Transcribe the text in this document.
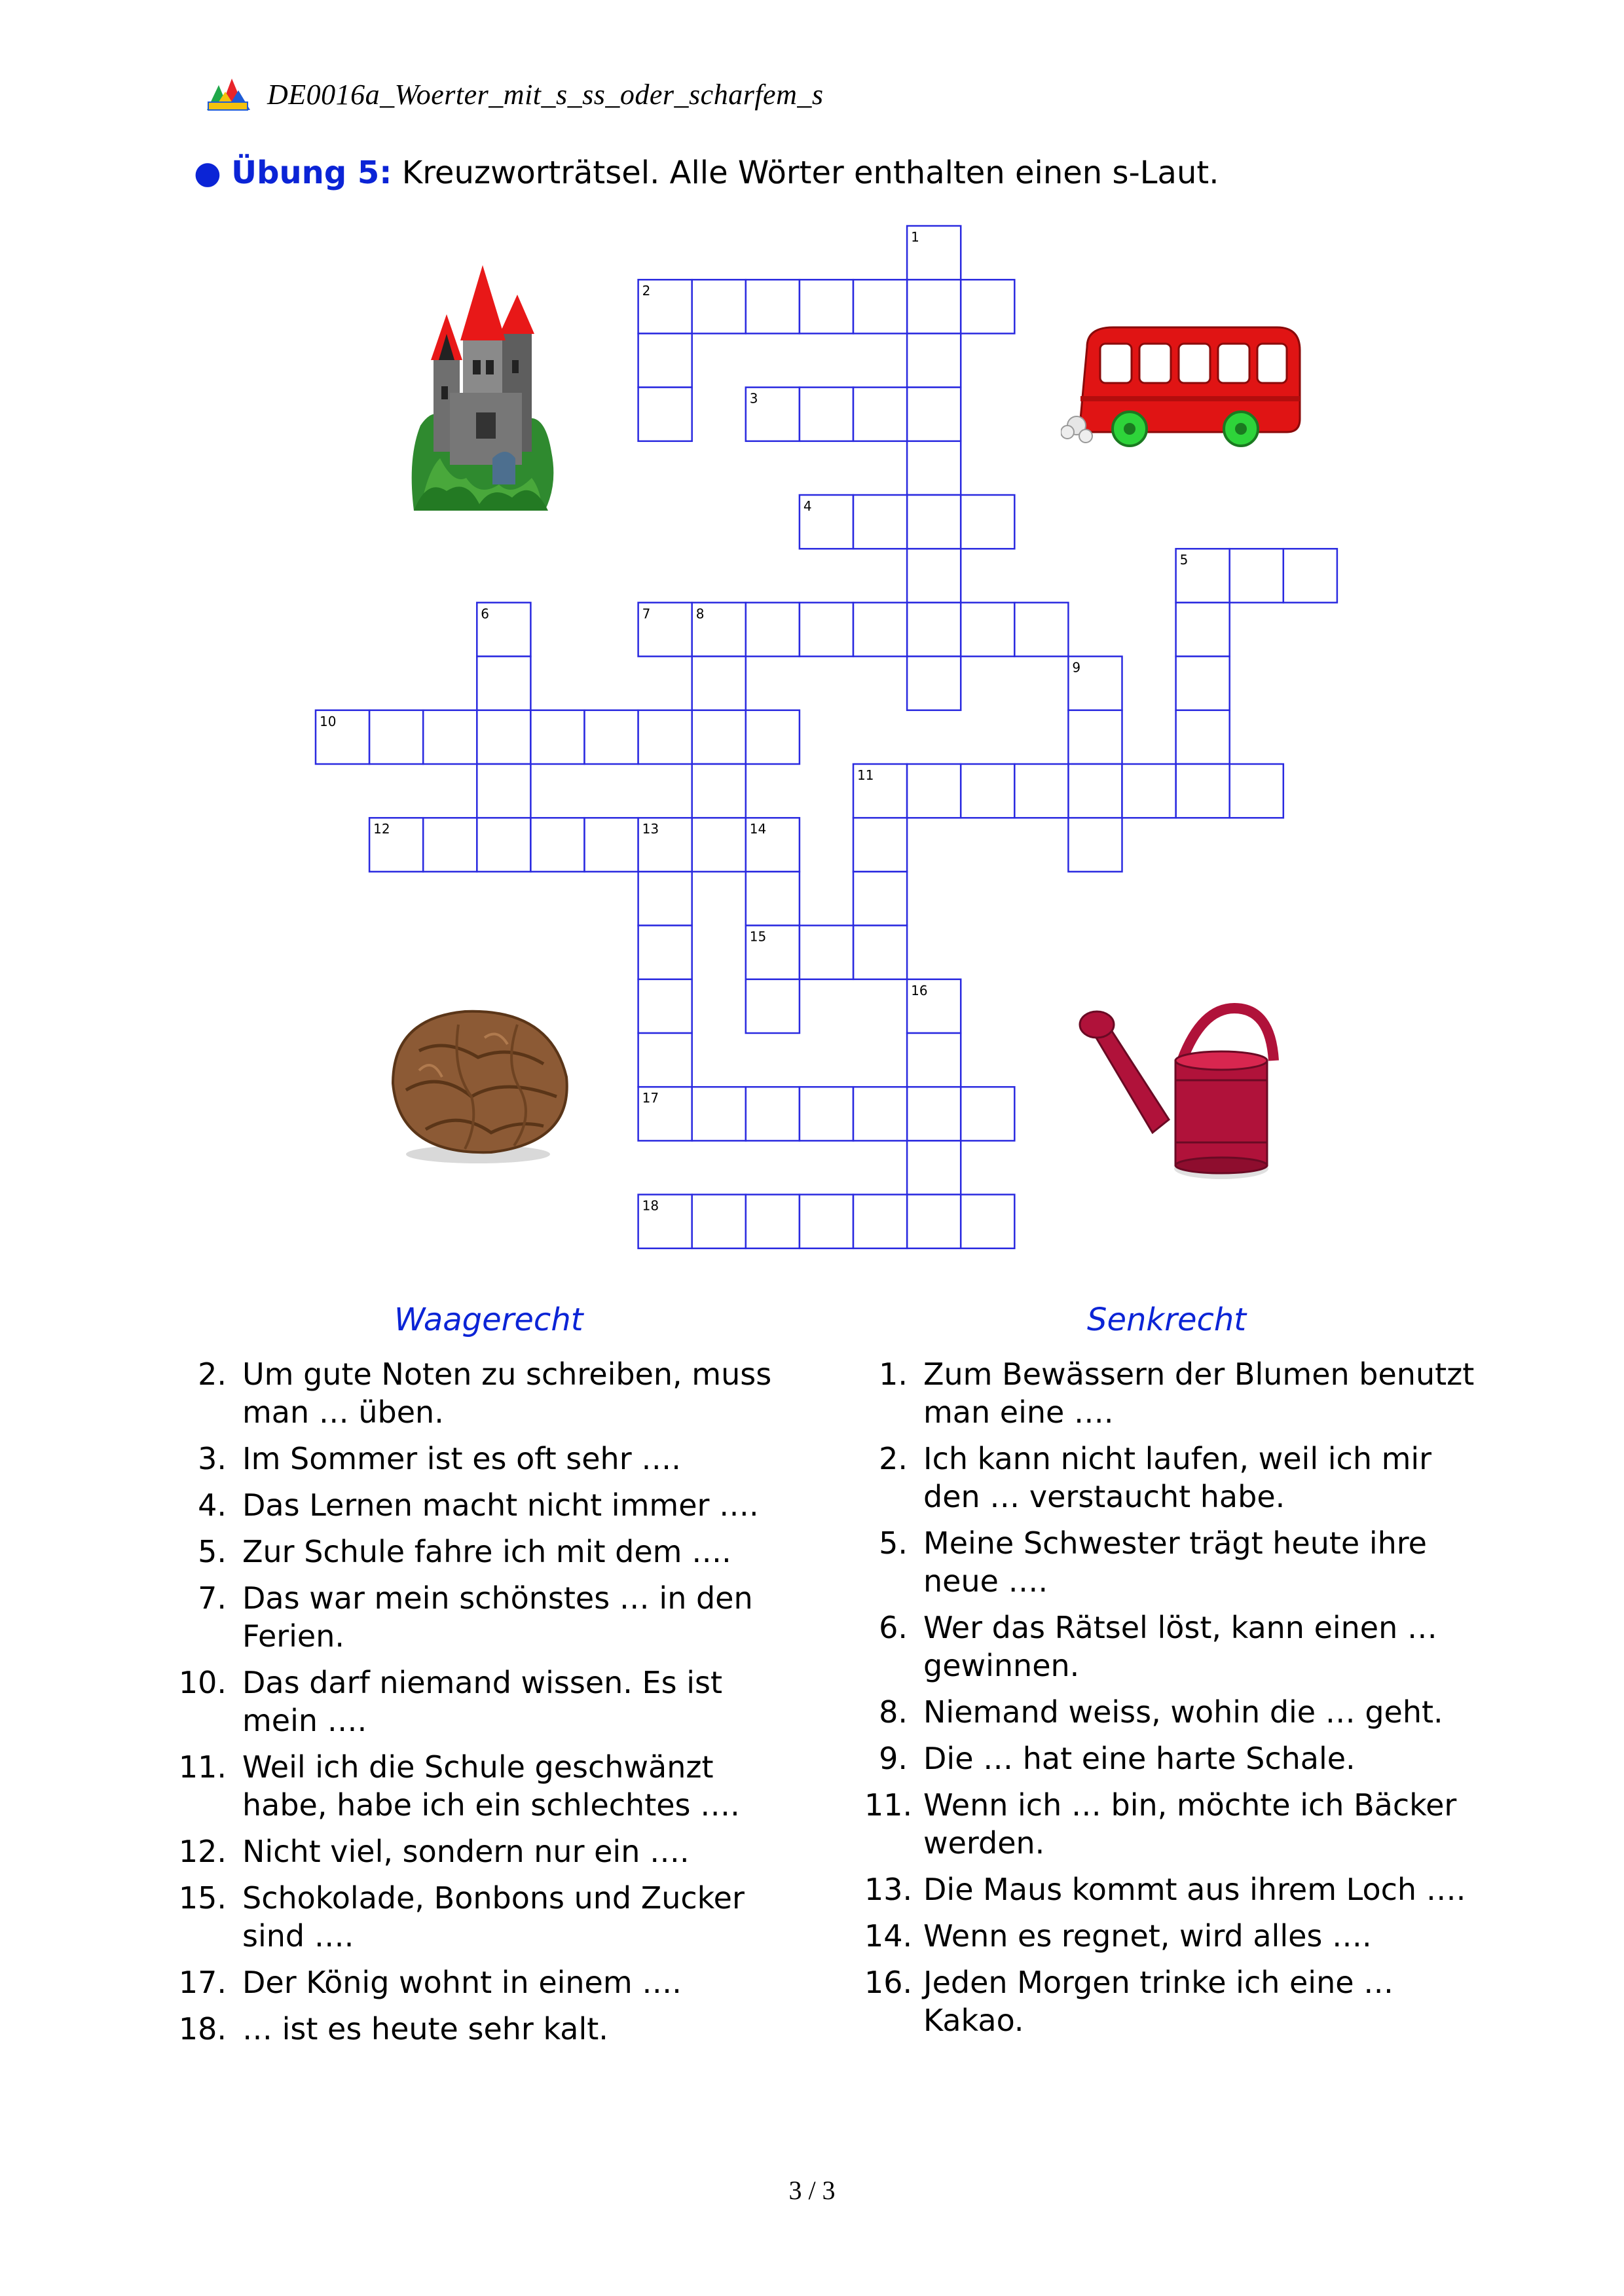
DE0016a_Woerter_mit_s_ss_oder_scharfem_s
● Übung 5: Kreuzworträtsel. Alle Wörter enthalten einen s-Laut.
1
2
3
4
5
6	7	8
9
10
11
12	13	14
15
16
17
18
Waagerecht	Senkrecht
2. Um gute Noten zu schreiben, muss man … üben.
3. Im Sommer ist es oft sehr ….
4. Das Lernen macht nicht immer ….
5. Zur Schule fahre ich mit dem ….
7. Das war mein schönstes … in den Ferien.
10. Das darf niemand wissen. Es ist mein ….
11. Weil ich die Schule geschwänzt habe, habe ich ein schlechtes ….
12. Nicht viel, sondern nur ein ….
15. Schokolade, Bonbons und Zucker sind ….
17. Der König wohnt in einem ….
18. … ist es heute sehr kalt.
1. Zum Bewässern der Blumen benutzt man eine ….
2. Ich kann nicht laufen, weil ich mir den … verstaucht habe.
5. Meine Schwester trägt heute ihre neue ….
6. Wer das Rätsel löst, kann einen … gewinnen.
8. Niemand weiss, wohin die … geht.
9. Die … hat eine harte Schale.
11. Wenn ich … bin, möchte ich Bäcker werden.
13. Die Maus kommt aus ihrem Loch ….
14. Wenn es regnet, wird alles ….
16. Jeden Morgen trinke ich eine … Kakao.
3 / 3
